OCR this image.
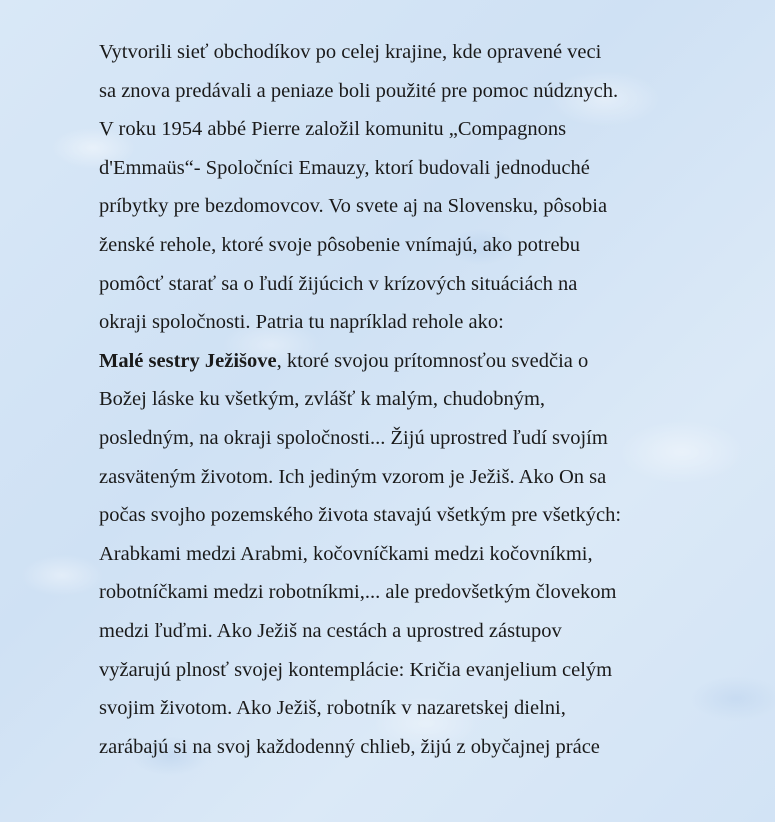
Vytvorili sieť obchodíkov po celej krajine, kde opravené veci
sa znova predávali a peniaze boli použité pre pomoc núdznych.
V roku 1954 abbé Pierre založil komunitu „Compagnons
d'Emmaüs“- Spoločníci Emauzy, ktorí budovali jednoduché
príbytky pre bezdomovcov. Vo svete aj na Slovensku, pôsobia
ženské rehole, ktoré svoje pôsobenie vnímajú, ako potrebu
pomôcť starať sa o ľudí žijúcich v krízových situáciách na
okraji spoločnosti. Patria tu napríklad rehole ako:
Malé sestry Ježišove, ktoré svojou prítomnosťou svedčia o
Božej láske ku všetkým, zvlášť k malým, chudobným,
posledným, na okraji spoločnosti... Žijú uprostred ľudí svojím
zasväteným životom. Ich jediným vzorom je Ježiš. Ako On sa
počas svojho pozemského života stavajú všetkým pre všetkých:
Arabkami medzi Arabmi, kočovníčkami medzi kočovníkmi,
robotníčkami medzi robotníkmi,... ale predovšetkým človekom
medzi ľuďmi. Ako Ježiš na cestách a uprostred zástupov
vyžarujú plnosť svojej kontemplácie: Kričia evanjelium celým
svojim životom. Ako Ježiš, robotník v nazaretskej dielni,
zarábajú si na svoj každodenný chlieb, žijú z obyčajnej práce
